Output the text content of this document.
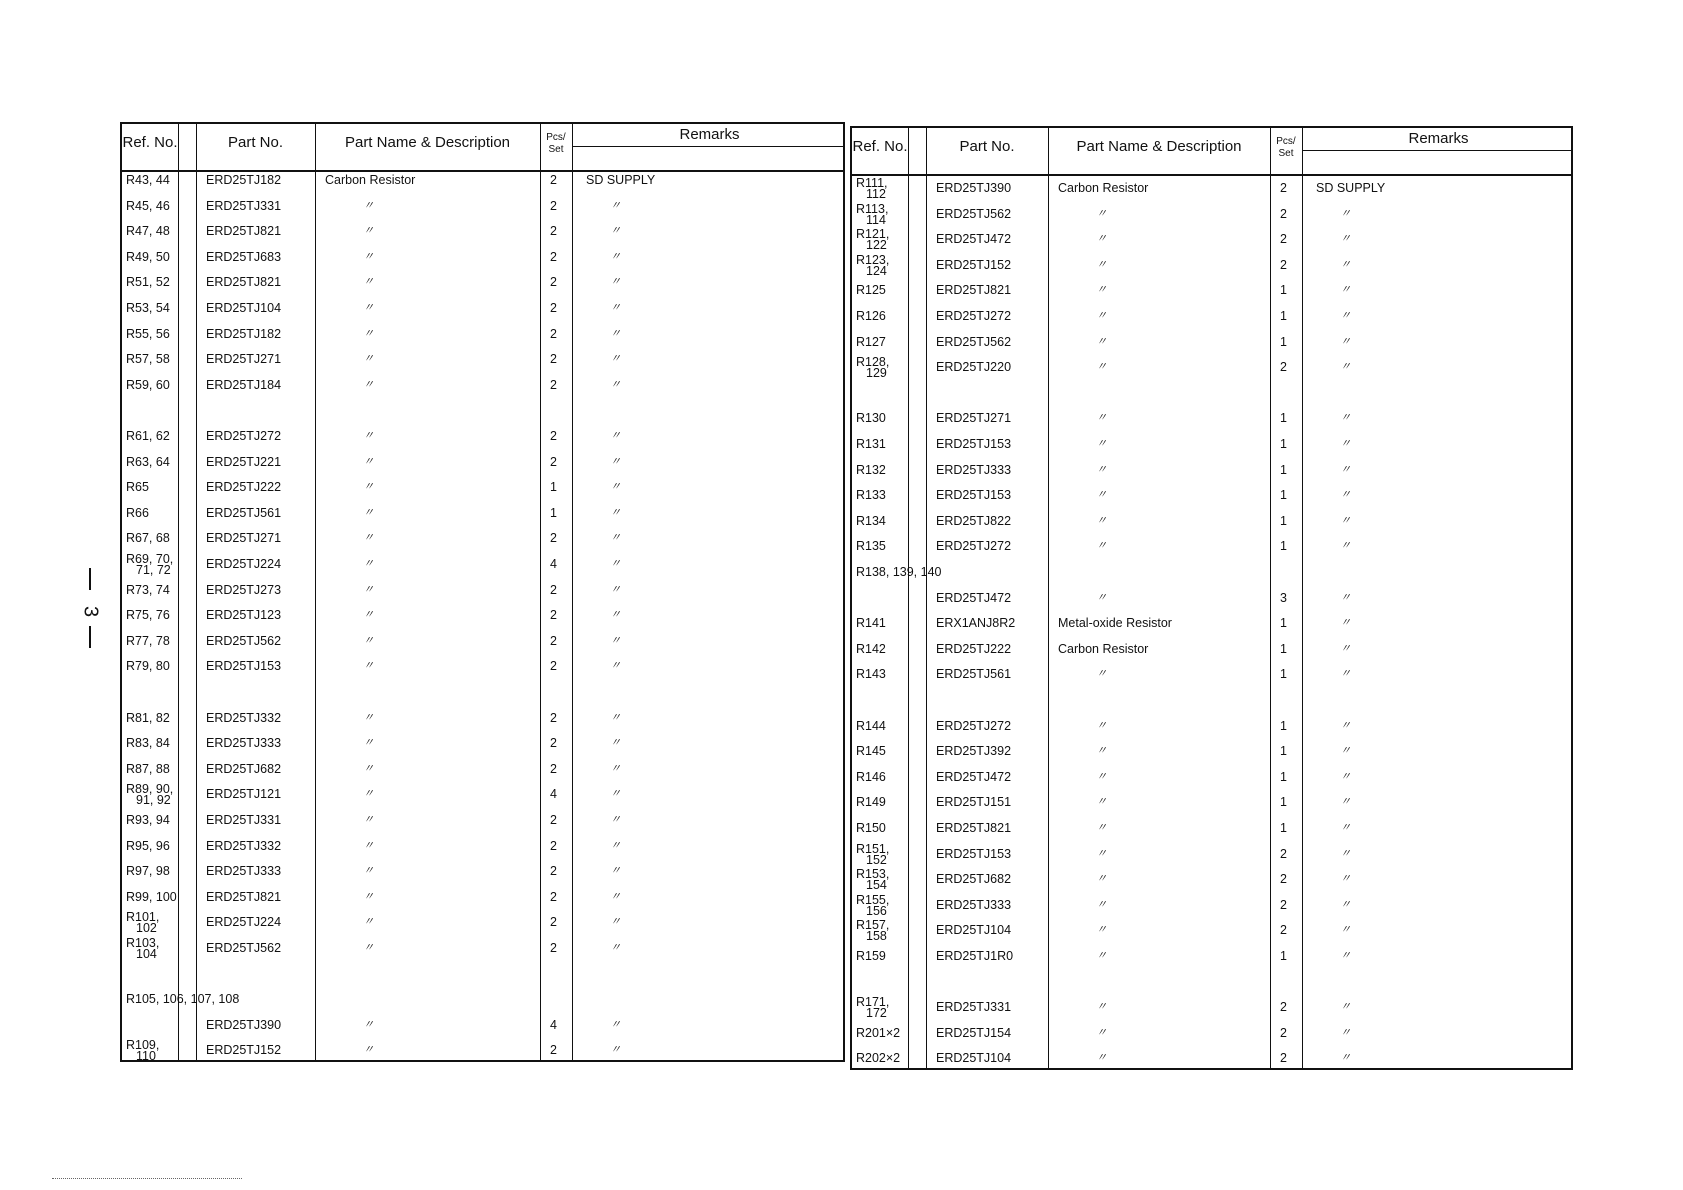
3
Ref. No.	Part No.	Part Name & Description	Pcs/
Set
Remarks
R43, 44	ERD25TJ182	Carbon Resistor	2 SD SUPPLY
R45, 46	ERD25TJ331	〃	2	〃
R47, 48	ERD25TJ821	〃	2	〃
R49, 50	ERD25TJ683	〃	2	〃
R51, 52	ERD25TJ821	〃	2	〃
R53, 54	ERD25TJ104	〃	2	〃
R55, 56	ERD25TJ182	〃	2	〃
R57, 58	ERD25TJ271	〃	2	〃
R59, 60	ERD25TJ184	〃	2	〃
R61, 62	ERD25TJ272	〃	2	〃
R63, 64	ERD25TJ221	〃	2	〃
R65	ERD25TJ222	〃	1	〃
R66	ERD25TJ561	〃	1	〃
R67, 68	ERD25TJ271	〃	2	〃
R69, 70,
71, 72	ERD25TJ224	〃	4	〃
R73, 74	ERD25TJ273	〃	2	〃
R75, 76	ERD25TJ123	〃	2	〃
R77, 78	ERD25TJ562	〃	2	〃
R79, 80	ERD25TJ153	〃	2	〃
R81, 82	ERD25TJ332	〃	2	〃
R83, 84	ERD25TJ333	〃	2	〃
R87, 88	ERD25TJ682	〃	2	〃
R89, 90,
91, 92	ERD25TJ121	〃	4	〃
R93, 94	ERD25TJ331	〃	2	〃
R95, 96	ERD25TJ332	〃	2	〃
R97, 98	ERD25TJ333	〃	2	〃
R99, 100 ERD25TJ821	〃	2	〃
R101,
102	ERD25TJ224	〃	2	〃
R103,
104	ERD25TJ562	〃	2	〃
R105, 106, 107, 108
ERD25TJ390	〃	4	〃
R109,
110	ERD25TJ152	〃	2	〃
Ref. No.	Part No.	Part Name & Description	Pcs/
Set
Remarks
R111,
112	ERD25TJ390	Carbon Resistor	2 SD SUPPLY
R113,
114	ERD25TJ562	〃	2	〃
R121,
122	ERD25TJ472	〃	2	〃
R123,
124	ERD25TJ152	〃	2	〃
R125	ERD25TJ821	〃	1	〃
R126	ERD25TJ272	〃	1	〃
R127	ERD25TJ562	〃	1	〃
R128,
129	ERD25TJ220	〃	2	〃
R130	ERD25TJ271	〃	1	〃
R131	ERD25TJ153	〃	1	〃
R132	ERD25TJ333	〃	1	〃
R133	ERD25TJ153	〃	1	〃
R134	ERD25TJ822	〃	1	〃
R135	ERD25TJ272	〃	1	〃
R138, 139, 140
ERD25TJ472	〃	3	〃
R141	ERX1ANJ8R2	Metal-oxide Resistor	1	〃
R142	ERD25TJ222	Carbon Resistor	1	〃
R143	ERD25TJ561	〃	1	〃
R144	ERD25TJ272	〃	1	〃
R145	ERD25TJ392	〃	1	〃
R146	ERD25TJ472	〃	1	〃
R149	ERD25TJ151	〃	1	〃
R150	ERD25TJ821	〃	1	〃
R151,
152	ERD25TJ153	〃	2	〃
R153,
154	ERD25TJ682	〃	2	〃
R155,
156	ERD25TJ333	〃	2	〃
R157,
158	ERD25TJ104	〃	2	〃
R159	ERD25TJ1R0	〃	1	〃
R171,
172	ERD25TJ331	〃	2	〃
R201×2	ERD25TJ154	〃	2	〃
R202×2	ERD25TJ104	〃	2	〃
